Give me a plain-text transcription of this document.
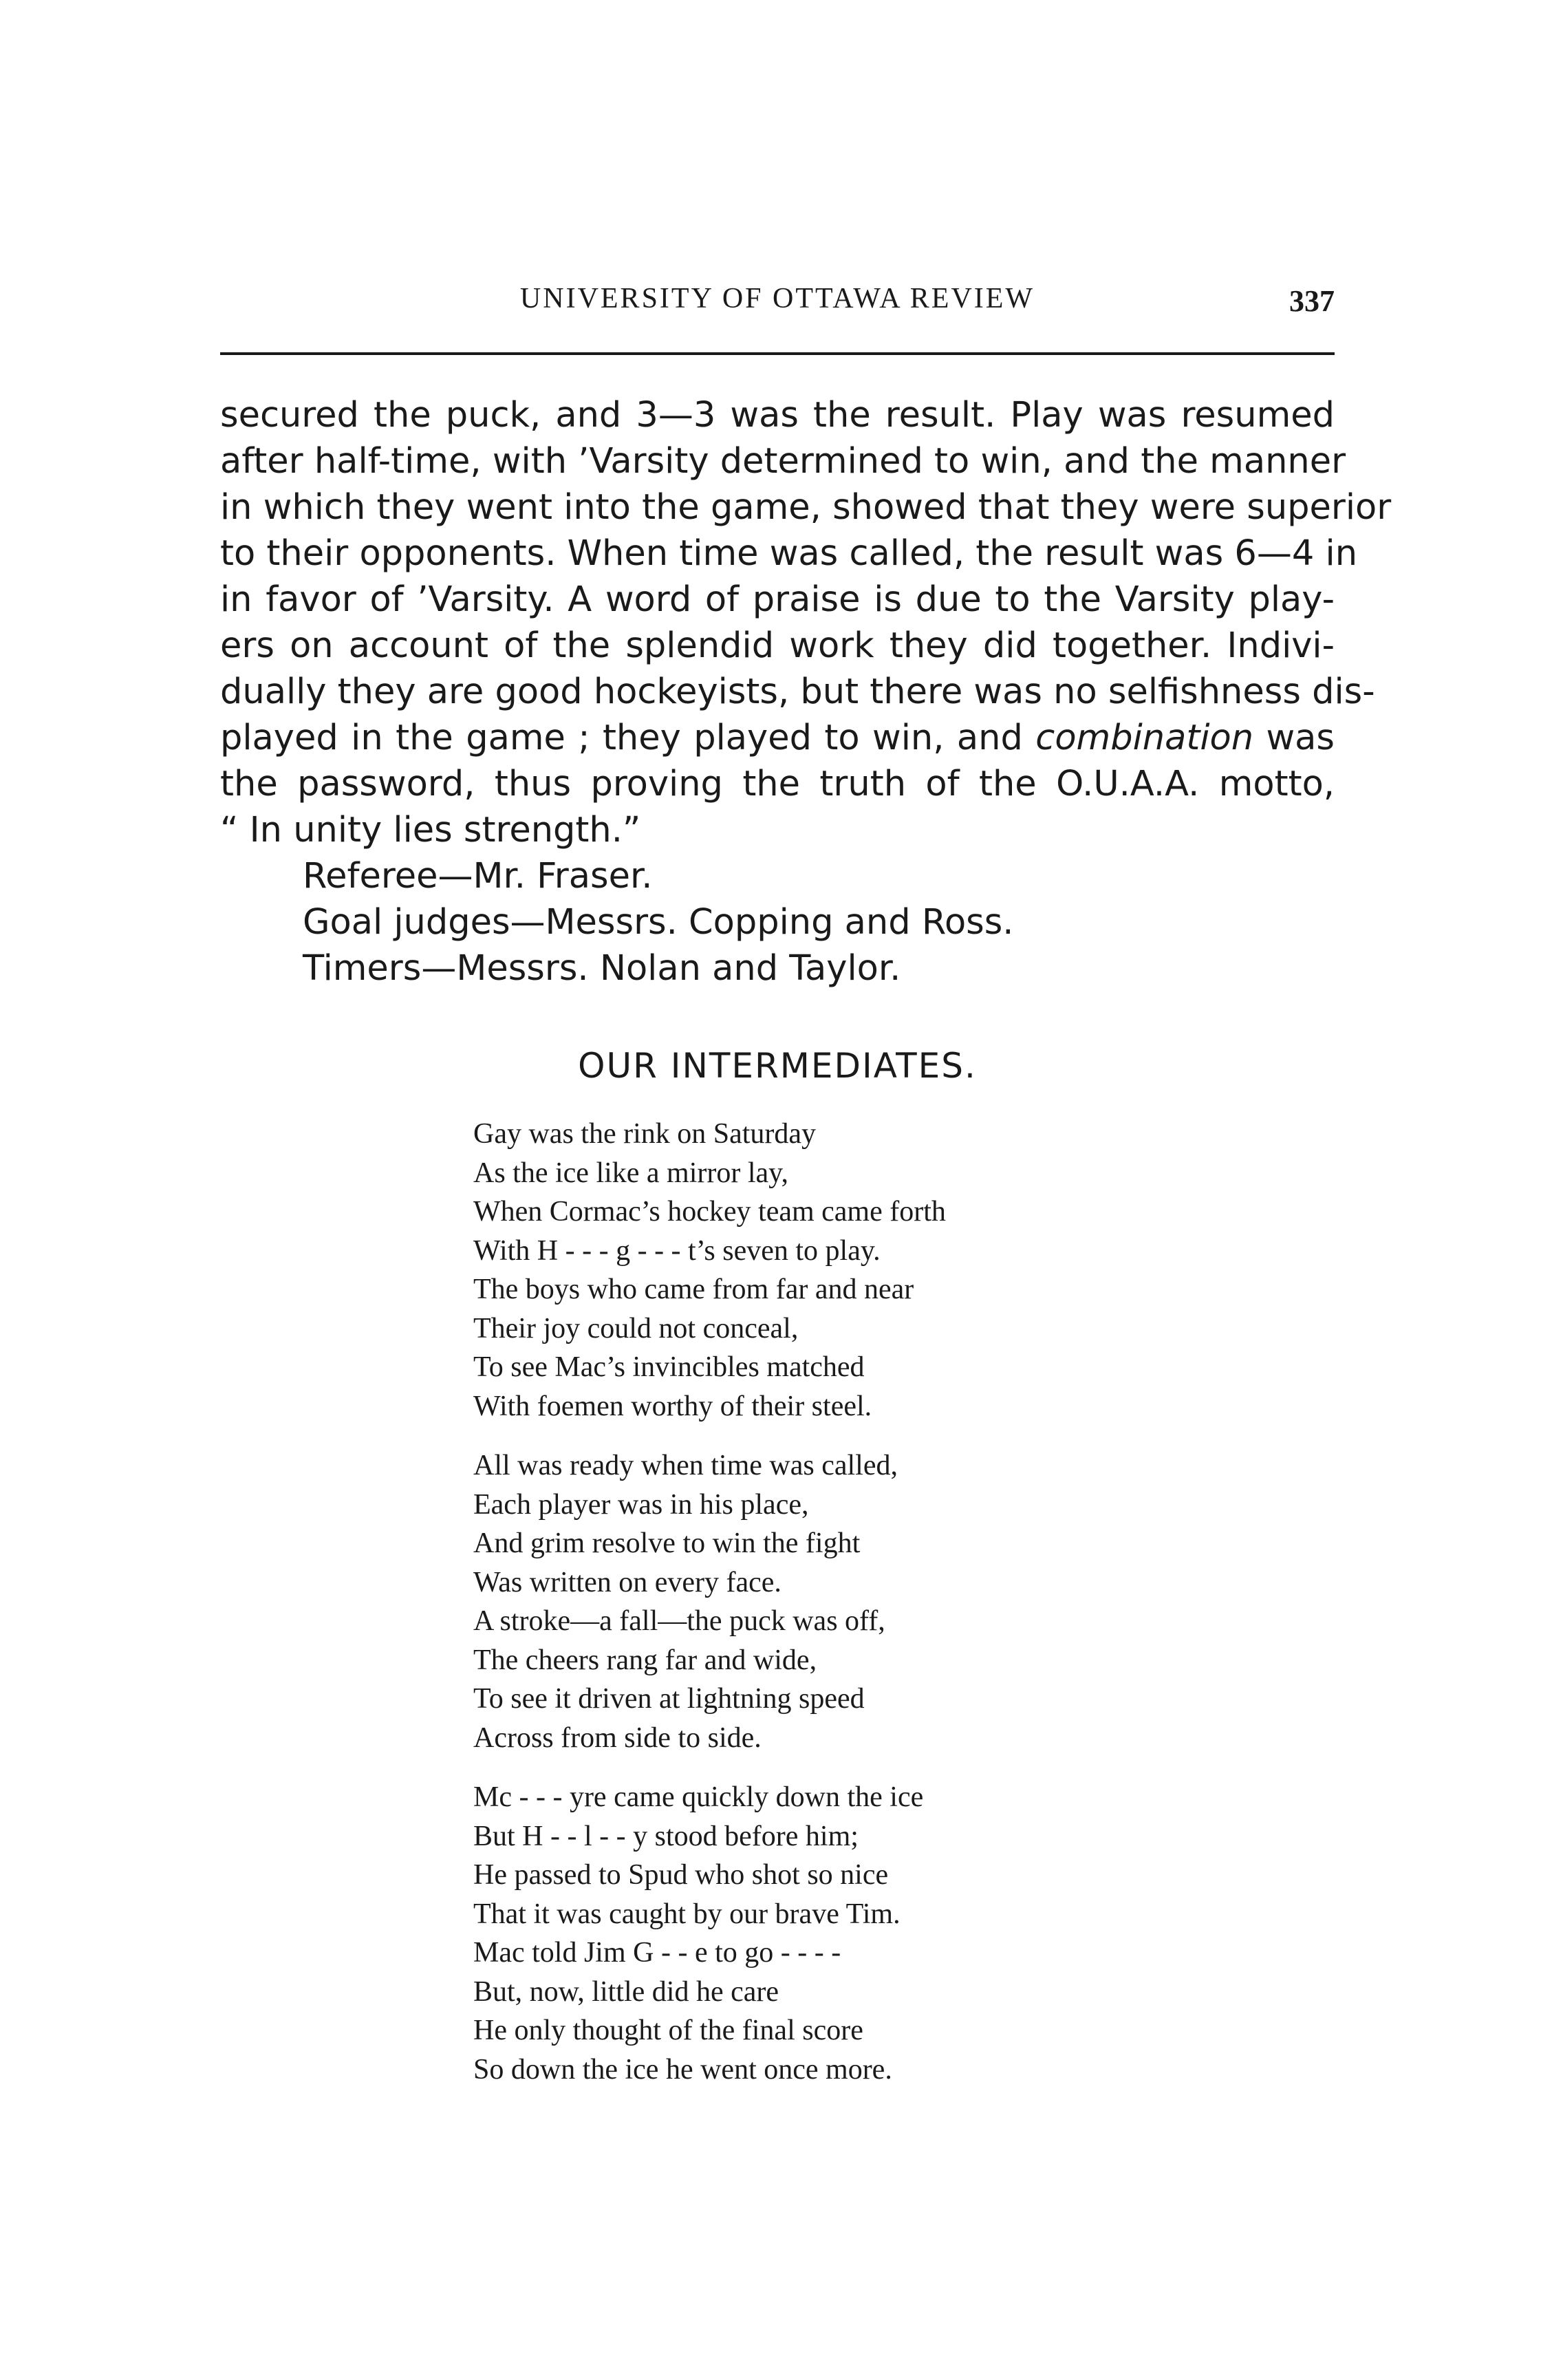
UNIVERSITY OF OTTAWA REVIEW	337

secured the puck, and 3—3 was the result. Play was resumed
after half-time, with ’Varsity determined to win, and the manner
in which they went into the game, showed that they were superior
to their opponents. When time was called, the result was 6—4 in
in favor of ’Varsity. A word of praise is due to the Varsity play-
ers on account of the splendid work they did together. Indivi-
dually they are good hockeyists, but there was no selfishness dis-
played in the game ; they played to win, and combination was
the password, thus proving the truth of the O.U.A.A. motto,
“ In unity lies strength.”

Referee—Mr. Fraser.
Goal judges—Messrs. Copping and Ross.
Timers—Messrs. Nolan and Taylor.
OUR INTERMEDIATES.
Gay was the rink on Saturday
As the ice like a mirror lay,
When Cormac’s hockey team came forth
With H - - - g - - - t’s seven to play.
The boys who came from far and near
Their joy could not conceal,
To see Mac’s invincibles matched
With foemen worthy of their steel.
All was ready when time was called,
Each player was in his place,
And grim resolve to win the fight
Was written on every face.
A stroke—a fall—the puck was off,
The cheers rang far and wide,
To see it driven at lightning speed
Across from side to side.
Mc - - - yre came quickly down the ice
But H - - l - - y stood before him;
He passed to Spud who shot so nice
That it was caught by our brave Tim.
Mac told Jim G - - e to go - - - -
But, now, little did he care
He only thought of the final score
So down the ice he went once more.
